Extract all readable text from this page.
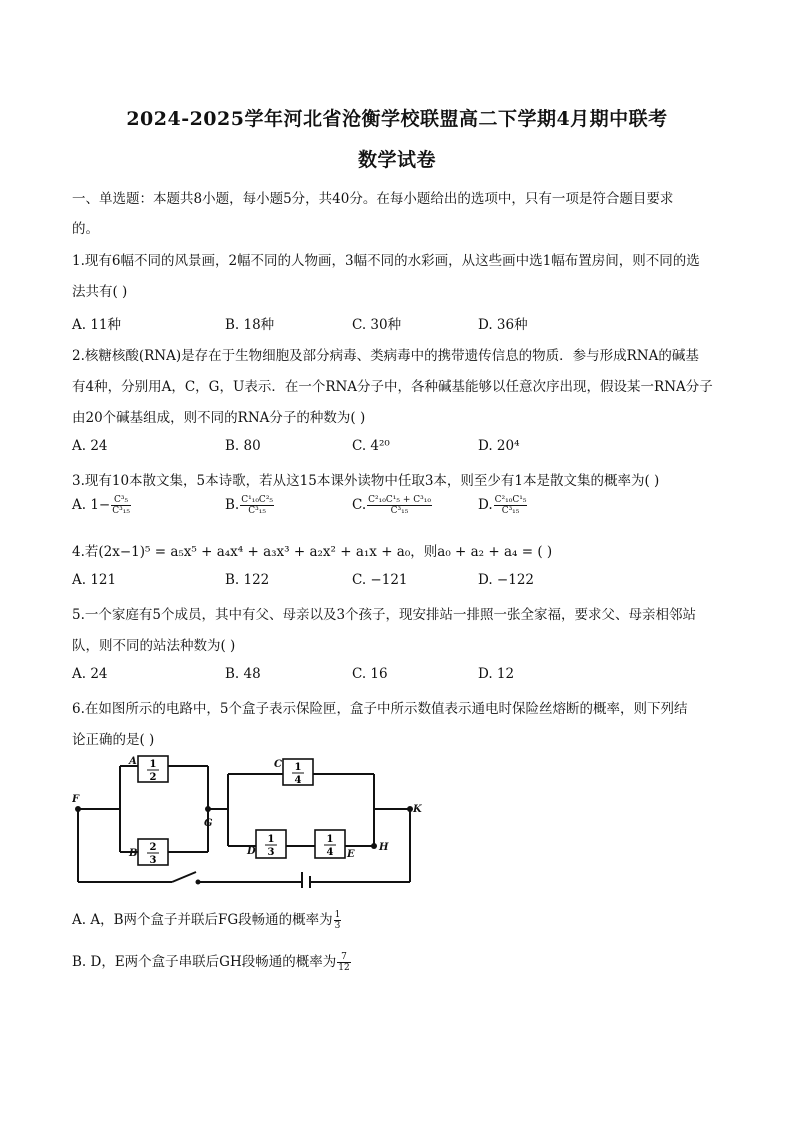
2024-2025学年河北省沧衡学校联盟高二下学期4月期中联考
数学试卷
一、单选题：本题共8小题，每小题5分，共40分。在每小题给出的选项中，只有一项是符合题目要求
的。
1.现有6幅不同的风景画，2幅不同的人物画，3幅不同的水彩画，从这些画中选1幅布置房间，则不同的选
法共有( )
A. 11种	B. 18种	C. 30种	D. 36种
2.核糖核酸(RNA)是存在于生物细胞及部分病毒、类病毒中的携带遗传信息的物质．参与形成RNA的碱基
有4种，分别用A，C，G，U表示．在一个RNA分子中，各种碱基能够以任意次序出现，假设某一RNA分子
由20个碱基组成，则不同的RNA分子的种数为( )
A. 24	B. 80	C. 4²⁰	D. 20⁴
3.现有10本散文集，5本诗歌，若从这15本课外读物中任取3本，则至少有1本是散文集的概率为( )
A. $1- \frac{\text{C³₅}}{\text{C³₁₅}}$	B. $\frac{\text{C¹₁₀C²₅}}{\text{C³₁₅}}$	C. $\frac{\text{C²₁₀C¹₅ + C³₁₀}}{\text{C³₁₅}}$	D. $\frac{\text{C²₁₀C¹₅}}{\text{C³₁₅}}$
4.若(2x−1)⁵ = a₅x⁵ + a₄x⁴ + a₃x³ + a₂x² + a₁x + a₀，则a₀ + a₂ + a₄ = ( )
A. 121	B. 122	C. −121	D. −122
5.一个家庭有5个成员，其中有父、母亲以及3个孩子，现安排站一排照一张全家福，要求父、母亲相邻站
队，则不同的站法种数为( )
A. 24	B. 48	C. 16	D. 12
6.在如图所示的电路中，5个盒子表示保险匣，盒子中所示数值表示通电时保险丝熔断的概率，则下列结
论正确的是( )
1
2
2
3
1
4
1
3
1
4
A
B
C
D	E
F
G
H
K
A. A，B两个盒子并联后FG段畅通的概率为 $\frac{1}{3}$
B. D，E两个盒子串联后GH段畅通的概率为 $\frac{7}{12}$
